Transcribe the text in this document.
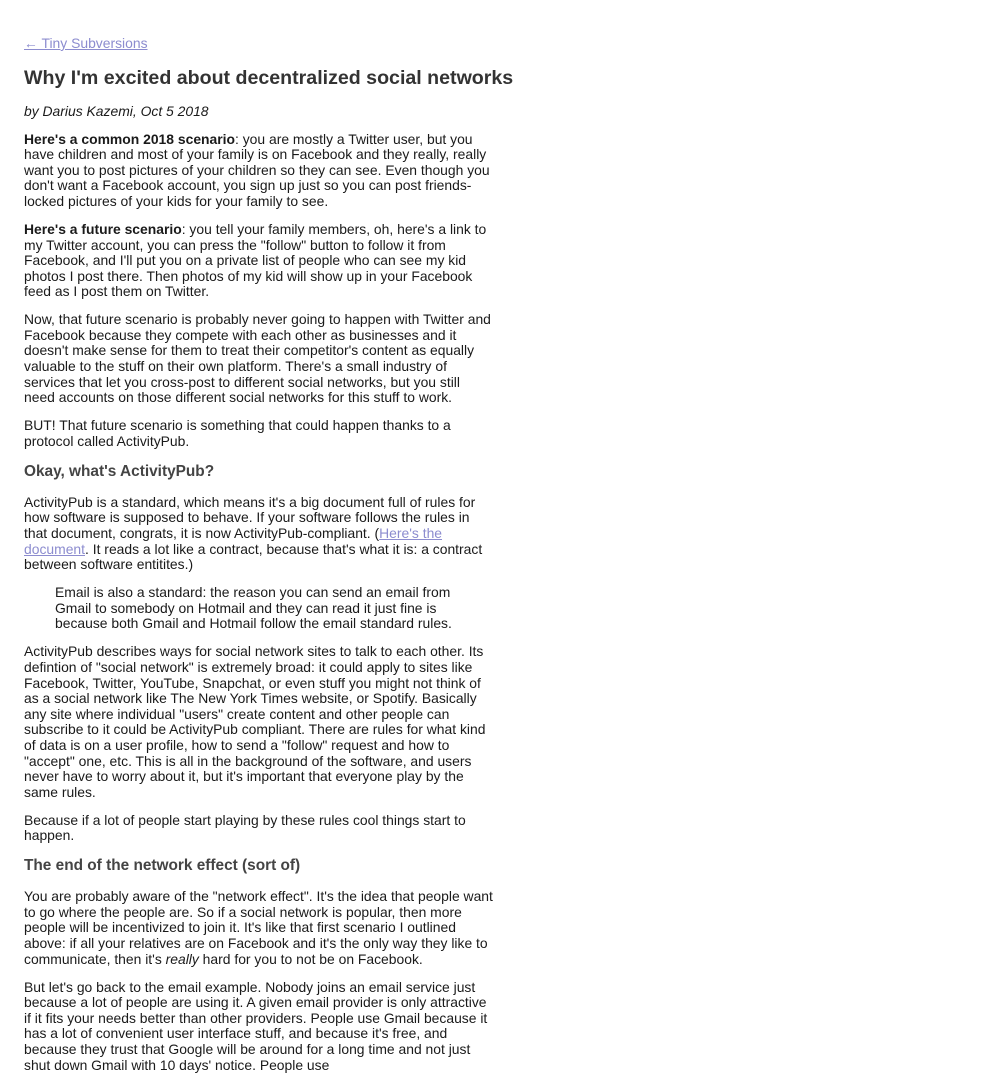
← Tiny Subversions
Why I'm excited about decentralized social networks

by Darius Kazemi, Oct 5 2018

Here's a common 2018 scenario: you are mostly a Twitter user, but you have children and most of your family is on Facebook and they really, really want you to post pictures of your children so they can see. Even though you don't want a Facebook account, you sign up just so you can post friends-locked pictures of your kids for your family to see.

Here's a future scenario: you tell your family members, oh, here's a link to my Twitter account, you can press the "follow" button to follow it from Facebook, and I'll put you on a private list of people who can see my kid photos I post there. Then photos of my kid will show up in your Facebook feed as I post them on Twitter.

Now, that future scenario is probably never going to happen with Twitter and Facebook because they compete with each other as businesses and it doesn't make sense for them to treat their competitor's content as equally valuable to the stuff on their own platform. There's a small industry of services that let you cross-post to different social networks, but you still need accounts on those different social networks for this stuff to work.

BUT! That future scenario is something that could happen thanks to a protocol called ActivityPub.

Okay, what's ActivityPub?

ActivityPub is a standard, which means it's a big document full of rules for how software is supposed to behave. If your software follows the rules in that document, congrats, it is now ActivityPub-compliant. (Here's the document. It reads a lot like a contract, because that's what it is: a contract between software entitites.)

Email is also a standard: the reason you can send an email from Gmail to somebody on Hotmail and they can read it just fine is because both Gmail and Hotmail follow the email standard rules.

ActivityPub describes ways for social network sites to talk to each other. Its defintion of "social network" is extremely broad: it could apply to sites like Facebook, Twitter, YouTube, Snapchat, or even stuff you might not think of as a social network like The New York Times website, or Spotify. Basically any site where individual "users" create content and other people can subscribe to it could be ActivityPub compliant. There are rules for what kind of data is on a user profile, how to send a "follow" request and how to "accept" one, etc. This is all in the background of the software, and users never have to worry about it, but it's important that everyone play by the same rules.

Because if a lot of people start playing by these rules cool things start to happen.

The end of the network effect (sort of)

You are probably aware of the "network effect". It's the idea that people want to go where the people are. So if a social network is popular, then more people will be incentivized to join it. It's like that first scenario I outlined above: if all your relatives are on Facebook and it's the only way they like to communicate, then it's really hard for you to not be on Facebook.

But let's go back to the email example. Nobody joins an email service just because a lot of people are using it. A given email provider is only attractive if it fits your needs better than other providers. People use Gmail because it has a lot of convenient user interface stuff, and because it's free, and because they trust that Google will be around for a long time and not just shut down Gmail with 10 days' notice. People use
